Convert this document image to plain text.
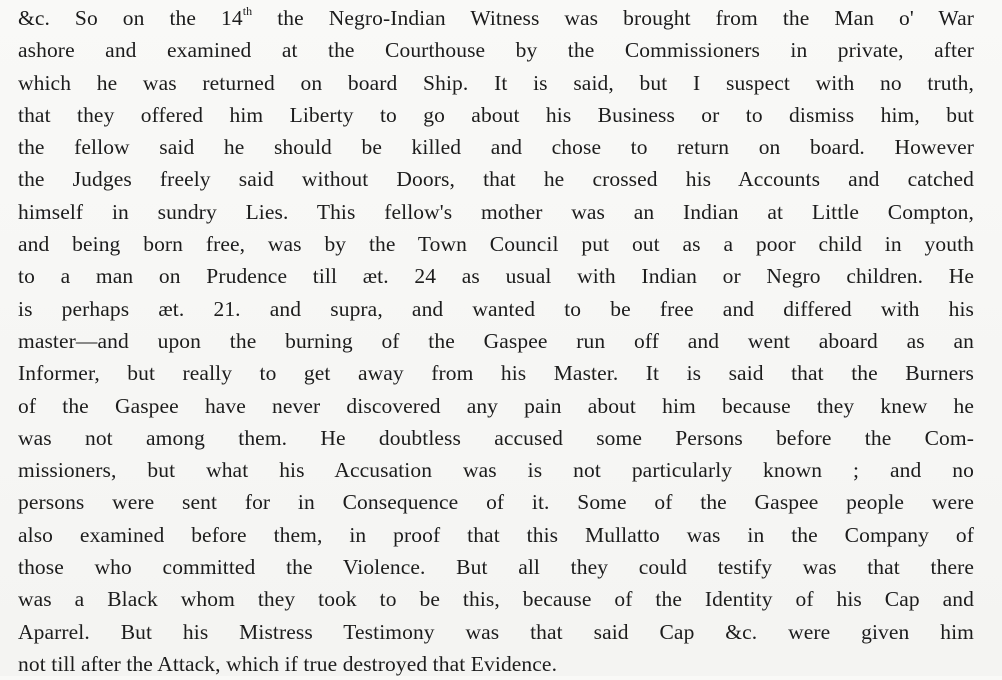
&c. So on the 14th the Negro-Indian Witness was brought from the Man o' War
ashore and examined at the Courthouse by the Commissioners in private, after
which he was returned on board Ship. It is said, but I suspect with no truth,
that they offered him Liberty to go about his Business or to dismiss him, but
the fellow said he should be killed and chose to return on board. However
the Judges freely said without Doors, that he crossed his Accounts and catched
himself in sundry Lies. This fellow's mother was an Indian at Little Compton,
and being born free, was by the Town Council put out as a poor child in youth
to a man on Prudence till æt. 24 as usual with Indian or Negro children. He
is perhaps æt. 21. and supra, and wanted to be free and differed with his
master—and upon the burning of the Gaspee run off and went aboard as an
Informer, but really to get away from his Master. It is said that the Burners
of the Gaspee have never discovered any pain about him because they knew he
was not among them. He doubtless accused some Persons before the Com-
missioners, but what his Accusation was is not particularly known ; and no
persons were sent for in Consequence of it. Some of the Gaspee people were
also examined before them, in proof that this Mullatto was in the Company of
those who committed the Violence. But all they could testify was that there
was a Black whom they took to be this, because of the Identity of his Cap and
Aparrel. But his Mistress Testimony was that said Cap &c. were given him
not till after the Attack, which if true destroyed that Evidence.
